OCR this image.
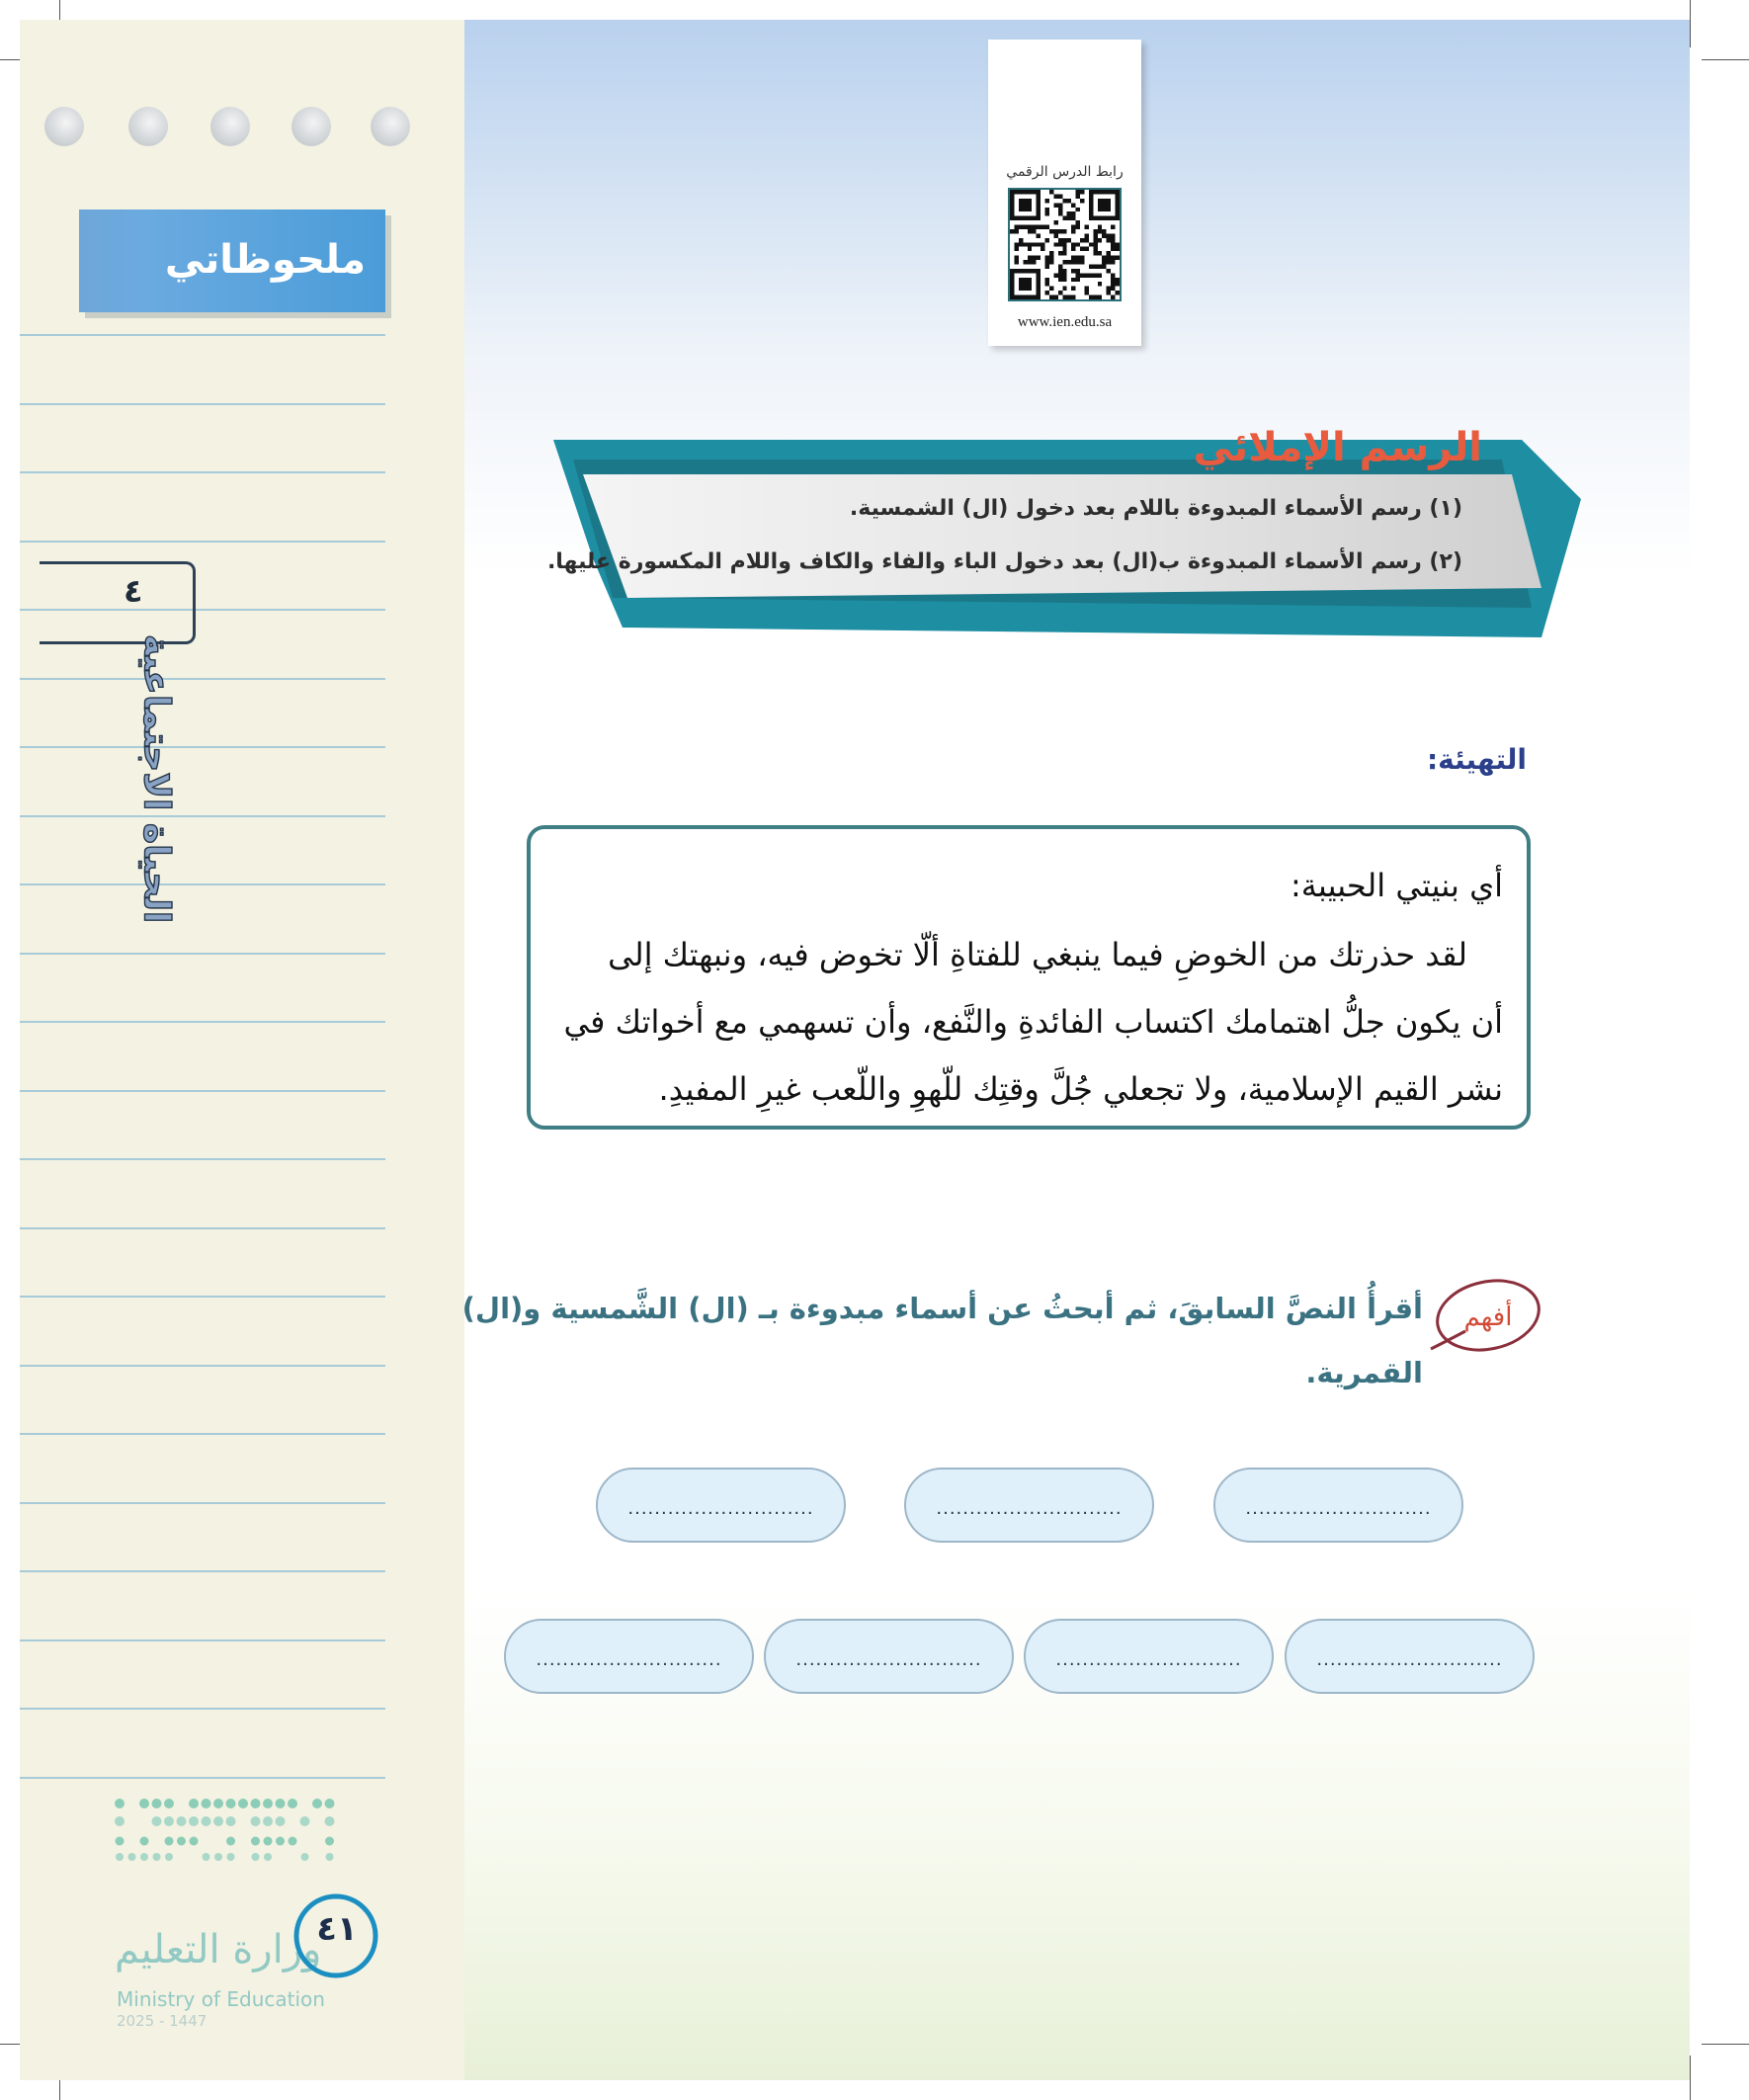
ملحوظاتي
٤
الحياة الاجتماعية
وزارة التعليم
Ministry of Education
2025 - 1447
٤١
رابط الدرس الرقمي
www.ien.edu.sa
الرسم الإملائي
(١) رسم الأسماء المبدوءة باللام بعد دخول (ال) الشمسية.
(٢) رسم الأسماء المبدوءة ب(ال) بعد دخول الباء والفاء والكاف واللام المكسورة عليها.
التهيئة:
أي بنيتي الحبيبة:
لقد حذرتك من الخوضِ فيما ينبغي للفتاةِ ألّا تخوض فيه، ونبهتك إلى
أن يكون جلُّ اهتمامك اكتساب الفائدةِ والنَّفع، وأن تسهمي مع أخواتك في
نشر القيم الإسلامية، ولا تجعلي جُلَّ وقتِك للّهوِ واللّعب غيرِ المفيدِ.
أفهم
أقرأُ النصَّ السابقَ، ثم أبحثُ عن أسماء مبدوءة بـ (ال) الشَّمسية و(ال)
القمرية.
............................
............................
............................
............................
............................
............................
............................
